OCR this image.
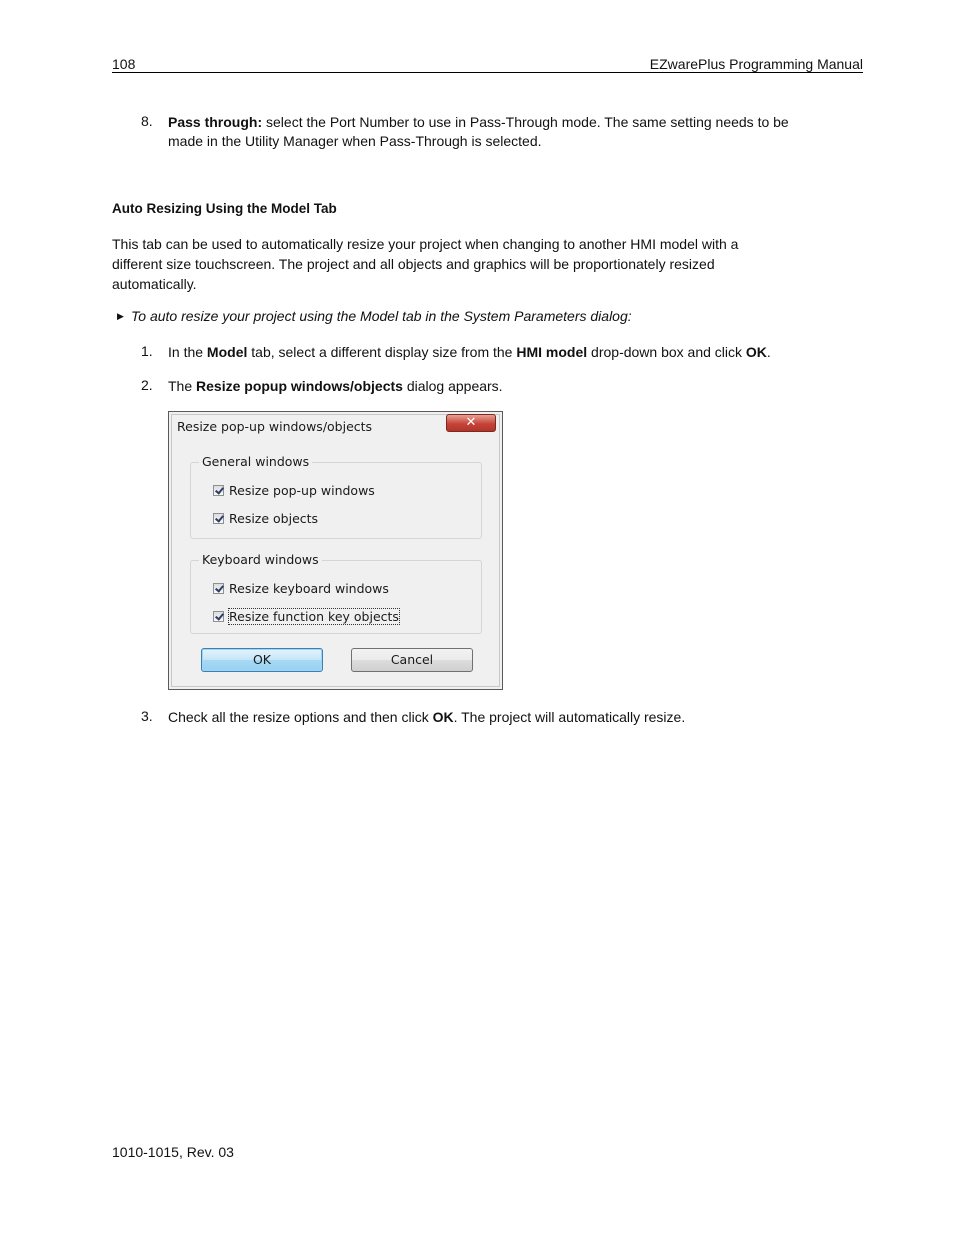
108	EZwarePlus Programming Manual
8. Pass through: select the Port Number to use in Pass-Through mode. The same setting needs to be
made in the Utility Manager when Pass-Through is selected.
Auto Resizing Using the Model Tab
This tab can be used to automatically resize your project when changing to another HMI model with a
different size touchscreen. The project and all objects and graphics will be proportionately resized
automatically.
▶ To auto resize your project using the Model tab in the System Parameters dialog:
1. In the Model tab, select a different display size from the HMI model drop-down box and click OK.
2. The Resize popup windows/objects dialog appears.
Resize pop-up windows/objects	✕
General windows
Resize pop-up windows
Resize objects
Keyboard windows
Resize keyboard windows
Resize function key objects
OK	Cancel
3. Check all the resize options and then click OK. The project will automatically resize.
1010-1015, Rev. 03
